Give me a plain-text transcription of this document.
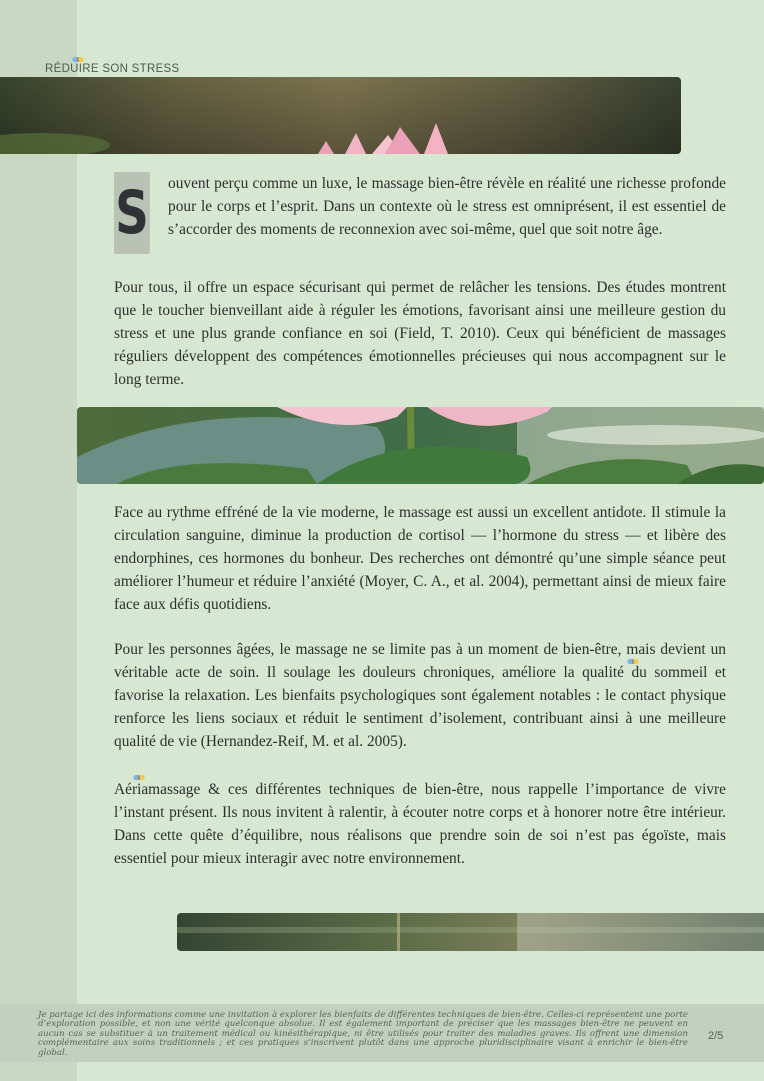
RÉDUIRE SON STRESS
S	ouvent perçu comme un luxe, le massage bien-être révèle en réalité une richesse profonde pour le corps et l’esprit. Dans un contexte où le stress est omniprésent, il est essentiel de s’accorder des moments de reconnexion avec soi-même, quel que soit notre âge.

Pour tous, il offre un espace sécurisant qui permet de relâcher les tensions. Des études montrent que le toucher bienveillant aide à réguler les émotions, favorisant ainsi une meilleure gestion du stress et une plus grande confiance en soi (Field, T. 2010). Ceux qui bénéficient de massages réguliers développent des compétences émotionnelles précieuses qui nous accompagnent sur le long terme.

Face au rythme effréné de la vie moderne, le massage est aussi un excellent antidote. Il stimule la circulation sanguine, diminue la production de cortisol — l’hormone du stress — et libère des endorphines, ces hormones du bonheur. Des recherches ont démontré qu’une simple séance peut améliorer l’humeur et réduire l’anxiété (Moyer, C. A., et al. 2004), permettant ainsi de mieux faire face aux défis quotidiens.

Pour les personnes âgées, le massage ne se limite pas à un moment de bien-être, mais devient un véritable acte de soin. Il soulage les douleurs chroniques, améliore la qualité du sommeil et favorise la relaxation. Les bienfaits psychologiques sont également notables : le contact physique renforce les liens sociaux et réduit le sentiment d’isolement, contribuant ainsi à une meilleure qualité de vie (Hernandez-Reif, M. et al. 2005).

Aériamassage & ces différentes techniques de bien-être, nous rappelle l’importance de vivre l’instant présent. Ils nous invitent à ralentir, à écouter notre corps et à honorer notre être intérieur. Dans cette quête d’équilibre, nous réalisons que prendre soin de soi n’est pas égoïste, mais essentiel pour mieux interagir avec notre environnement.

Je partage ici des informations comme une invitation à explorer les bienfaits de différentes techniques de bien-être. Celles-ci représentent une porte d’exploration possible, et non une vérité quelconque absolue. Il est également important de préciser que les massages bien-être ne peuvent en aucun cas se substituer à un traitement médical ou kinésithérapique, ni être utilisés pour traiter des maladies graves. Ils offrent une dimension complémentaire aux soins traditionnels ; et ces pratiques s’inscrivent plutôt dans une approche pluridisciplinaire visant à enrichir le bien-être global.
2/5
